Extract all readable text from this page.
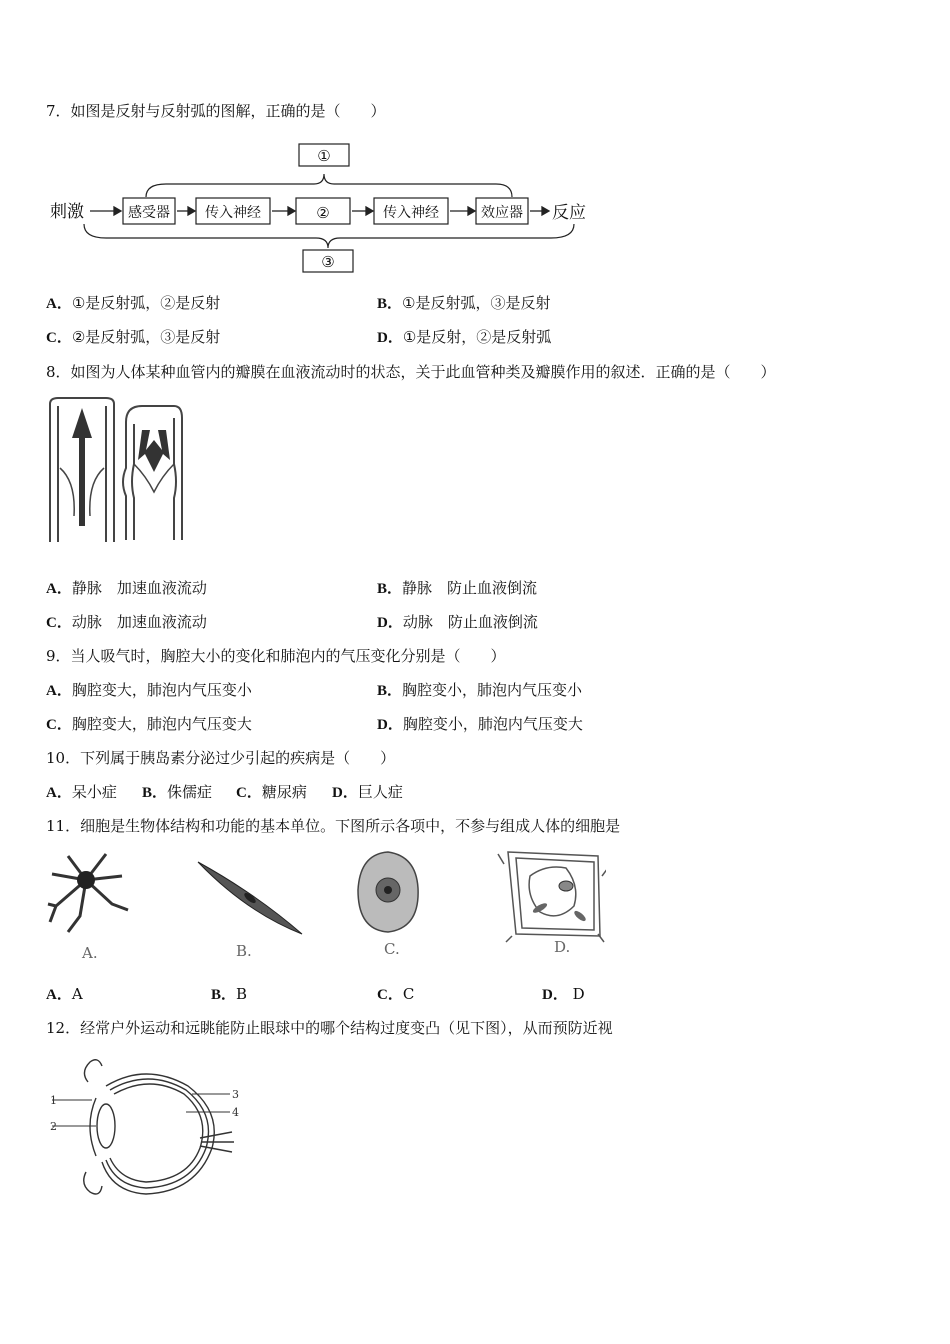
7．如图是反射与反射弧的图解，正确的是（　　）
①
③
②
刺激	感受器	传入神经	传入神经	效应器 反应
A．①是反射弧，②是反射	B．①是反射弧，③是反射
C．②是反射弧，③是反射	D．①是反射，②是反射弧
8．如图为人体某种血管内的瓣膜在血液流动时的状态，关于此血管种类及瓣膜作用的叙述．正确的是（　　）
A．静脉　加速血液流动	B．静脉　防止血液倒流
C．动脉　加速血液流动	D．动脉　防止血液倒流
9．当人吸气时，胸腔大小的变化和肺泡内的气压变化分别是（　　）
A．胸腔变大，肺泡内气压变小	B．胸腔变小，肺泡内气压变小
C．胸腔变大，肺泡内气压变大	D．胸腔变小，肺泡内气压变大
10．下列属于胰岛素分泌过少引起的疾病是（　　）
A．呆小症 B．侏儒症 C．糖尿病 D．巨人症
11．细胞是生物体结构和功能的基本单位。下图所示各项中，不参与组成人体的细胞是
A.	B.	C.	D.
A．A	B．B	C．C	D． D
12．经常户外运动和远眺能防止眼球中的哪个结构过度变凸（见下图），从而预防近视
1
2
3
4
